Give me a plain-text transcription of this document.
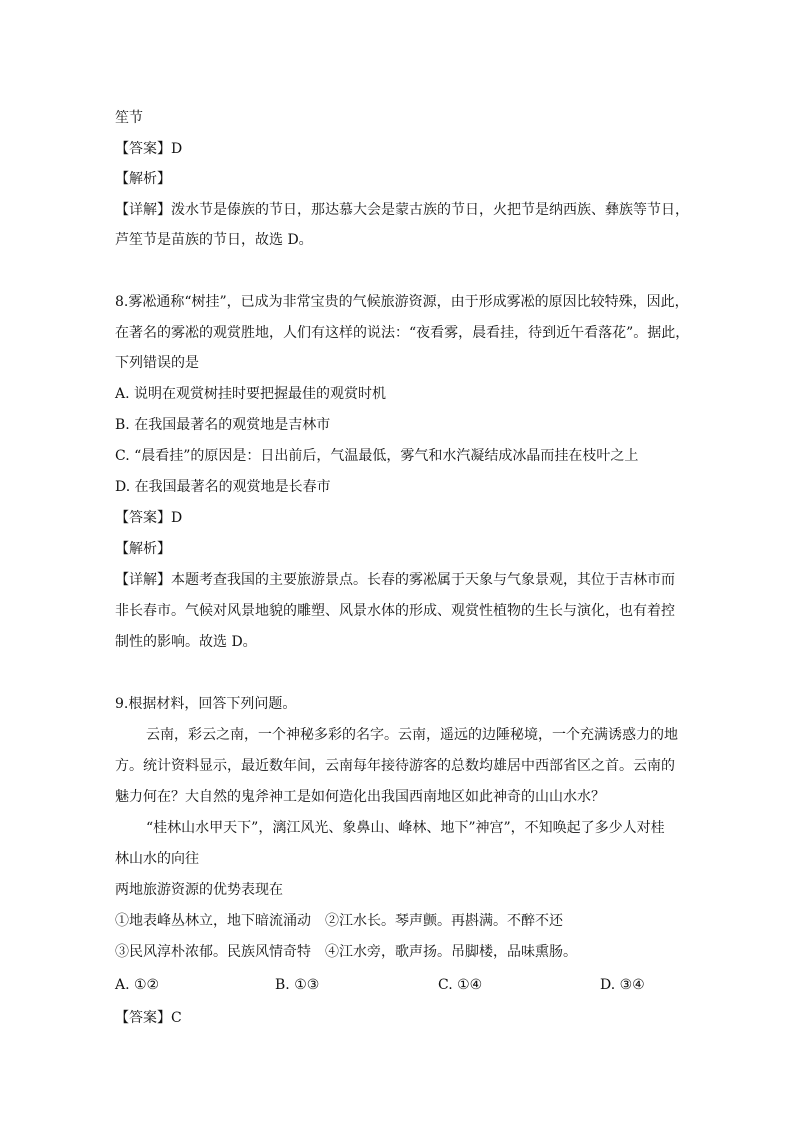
笙节
【答案】D
【解析】
【详解】泼水节是傣族的节日，那达慕大会是蒙古族的节日，火把节是纳西族、彝族等节日，
芦笙节是苗族的节日，故选 D。
8.雾凇通称“树挂”，已成为非常宝贵的气候旅游资源，由于形成雾凇的原因比较特殊，因此，
在著名的雾凇的观赏胜地，人们有这样的说法：“夜看雾，晨看挂，待到近午看落花”。据此，
下列错误的是
A. 说明在观赏树挂时要把握最佳的观赏时机
B. 在我国最著名的观赏地是吉林市
C. “晨看挂”的原因是：日出前后，气温最低，雾气和水汽凝结成冰晶而挂在枝叶之上
D. 在我国最著名的观赏地是长春市
【答案】D
【解析】
【详解】本题考查我国的主要旅游景点。长春的雾凇属于天象与气象景观，其位于吉林市而
非长春市。气候对风景地貌的雕塑、风景水体的形成、观赏性植物的生长与演化，也有着控
制性的影响。故选 D。
9.根据材料，回答下列问题。
云南，彩云之南，一个神秘多彩的名字。云南，遥远的边陲秘境，一个充满诱惑力的地
方。统计资料显示，最近数年间，云南每年接待游客的总数均雄居中西部省区之首。云南的
魅力何在？大自然的鬼斧神工是如何造化出我国西南地区如此神奇的山山水水？
“桂林山水甲天下”，漓江风光、象鼻山、峰林、地下”神宫”，不知唤起了多少人对桂
林山水的向往
两地旅游资源的优势表现在
①地表峰丛林立，地下暗流涌动　②江水长。琴声颤。再斟满。不醉不还
③民风淳朴浓郁。民族风情奇特　④江水旁，歌声扬。吊脚楼，品味熏肠。
A. ①②	B. ①③	C. ①④	D. ③④
【答案】C
